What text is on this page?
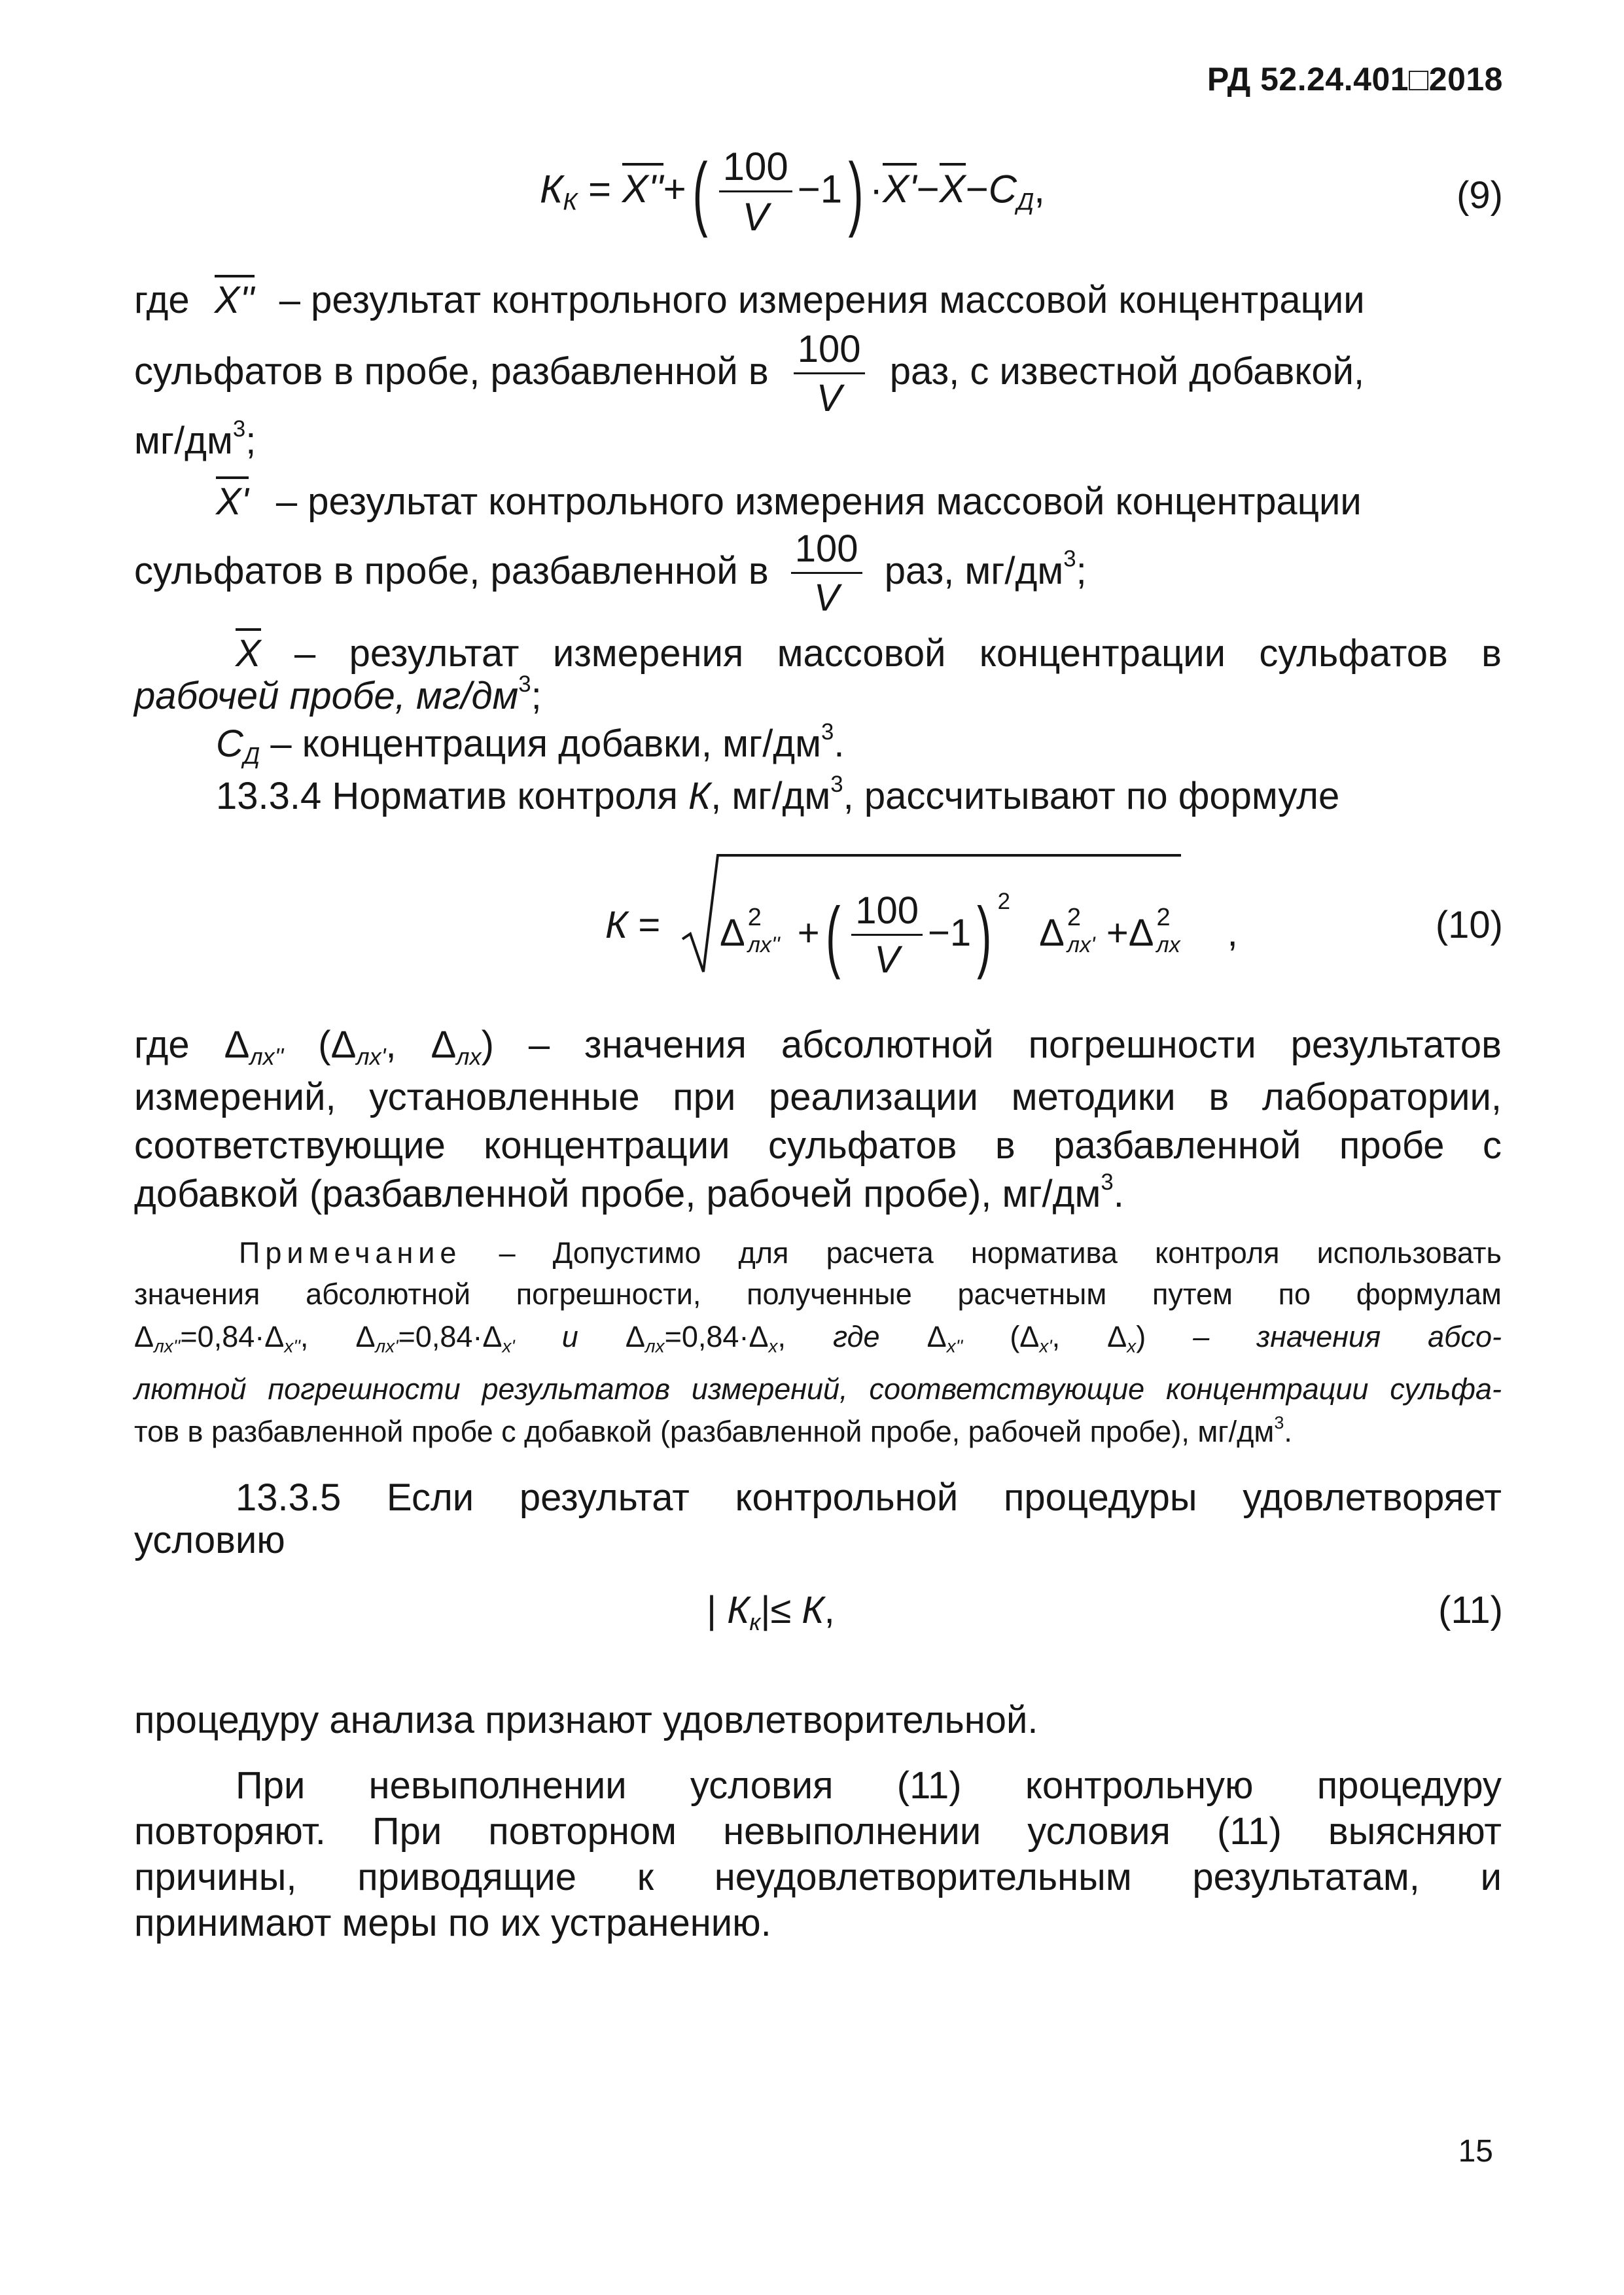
РД 52.24.401□2018
$К_К = X''+( \frac{100}{V} -1) \cdot X'-X-C_Д$,	(9)
где X'' – результат контрольного измерения массовой концентрации
сульфатов в пробе, разбавленной в $\frac{100}{V}$ раз, с известной добавкой,
$мг/дм^3$;
X' – результат контрольного измерения массовой концентрации
сульфатов в пробе, разбавленной в $\frac{100}{V}$ раз, $мг/дм^3$;
X – результат измерения массовой концентрации сульфатов в
рабочей пробе, $мг/дм^3$;
$C_Д$ – концентрация добавки, $мг/дм^3$.
13.3.4 Норматив контроля К, $мг/дм^3$, рассчитывают по формуле
К = Δ 2
лх'' +( $\frac{100}{V} -1$) $^2$ Δ 2
лх' +Δ 2
лх ,	(10)
где $\Delta_{лх''}$ ($\Delta_{лх'}$, $\Delta_{лх}$) – значения абсолютной погрешности результатов
измерений, установленные при реализации методики в лаборатории,
соответствующие концентрации сульфатов в разбавленной пробе с
добавкой (разбавленной пробе, рабочей пробе), $мг/дм^3$.
Примечание – Допустимо для расчета норматива контроля использовать
значения абсолютной погрешности, полученные расчетным путем по формулам
$\Delta_{лх''}=0,84\cdot\Delta_{х''}$, $\Delta_{лх'}=0,84\cdot\Delta_{х'}$ и $\Delta_{лх}=0,84\cdot\Delta_х$, где $\Delta_{х''}$ ($\Delta_{х'}$, $\Delta_х$) – значения абсо-
лютной погрешности результатов измерений, соответствующие концентрации сульфа-
тов в разбавленной пробе с добавкой (разбавленной пробе, рабочей пробе), $мг/дм^3$.
13.3.5 Если результат контрольной процедуры удовлетворяет
условию
| $К_к|\le К$,	(11)
процедуру анализа признают удовлетворительной.
При невыполнении условия (11) контрольную процедуру
повторяют. При повторном невыполнении условия (11) выясняют
причины, приводящие к неудовлетворительным результатам, и
принимают меры по их устранению.
15
